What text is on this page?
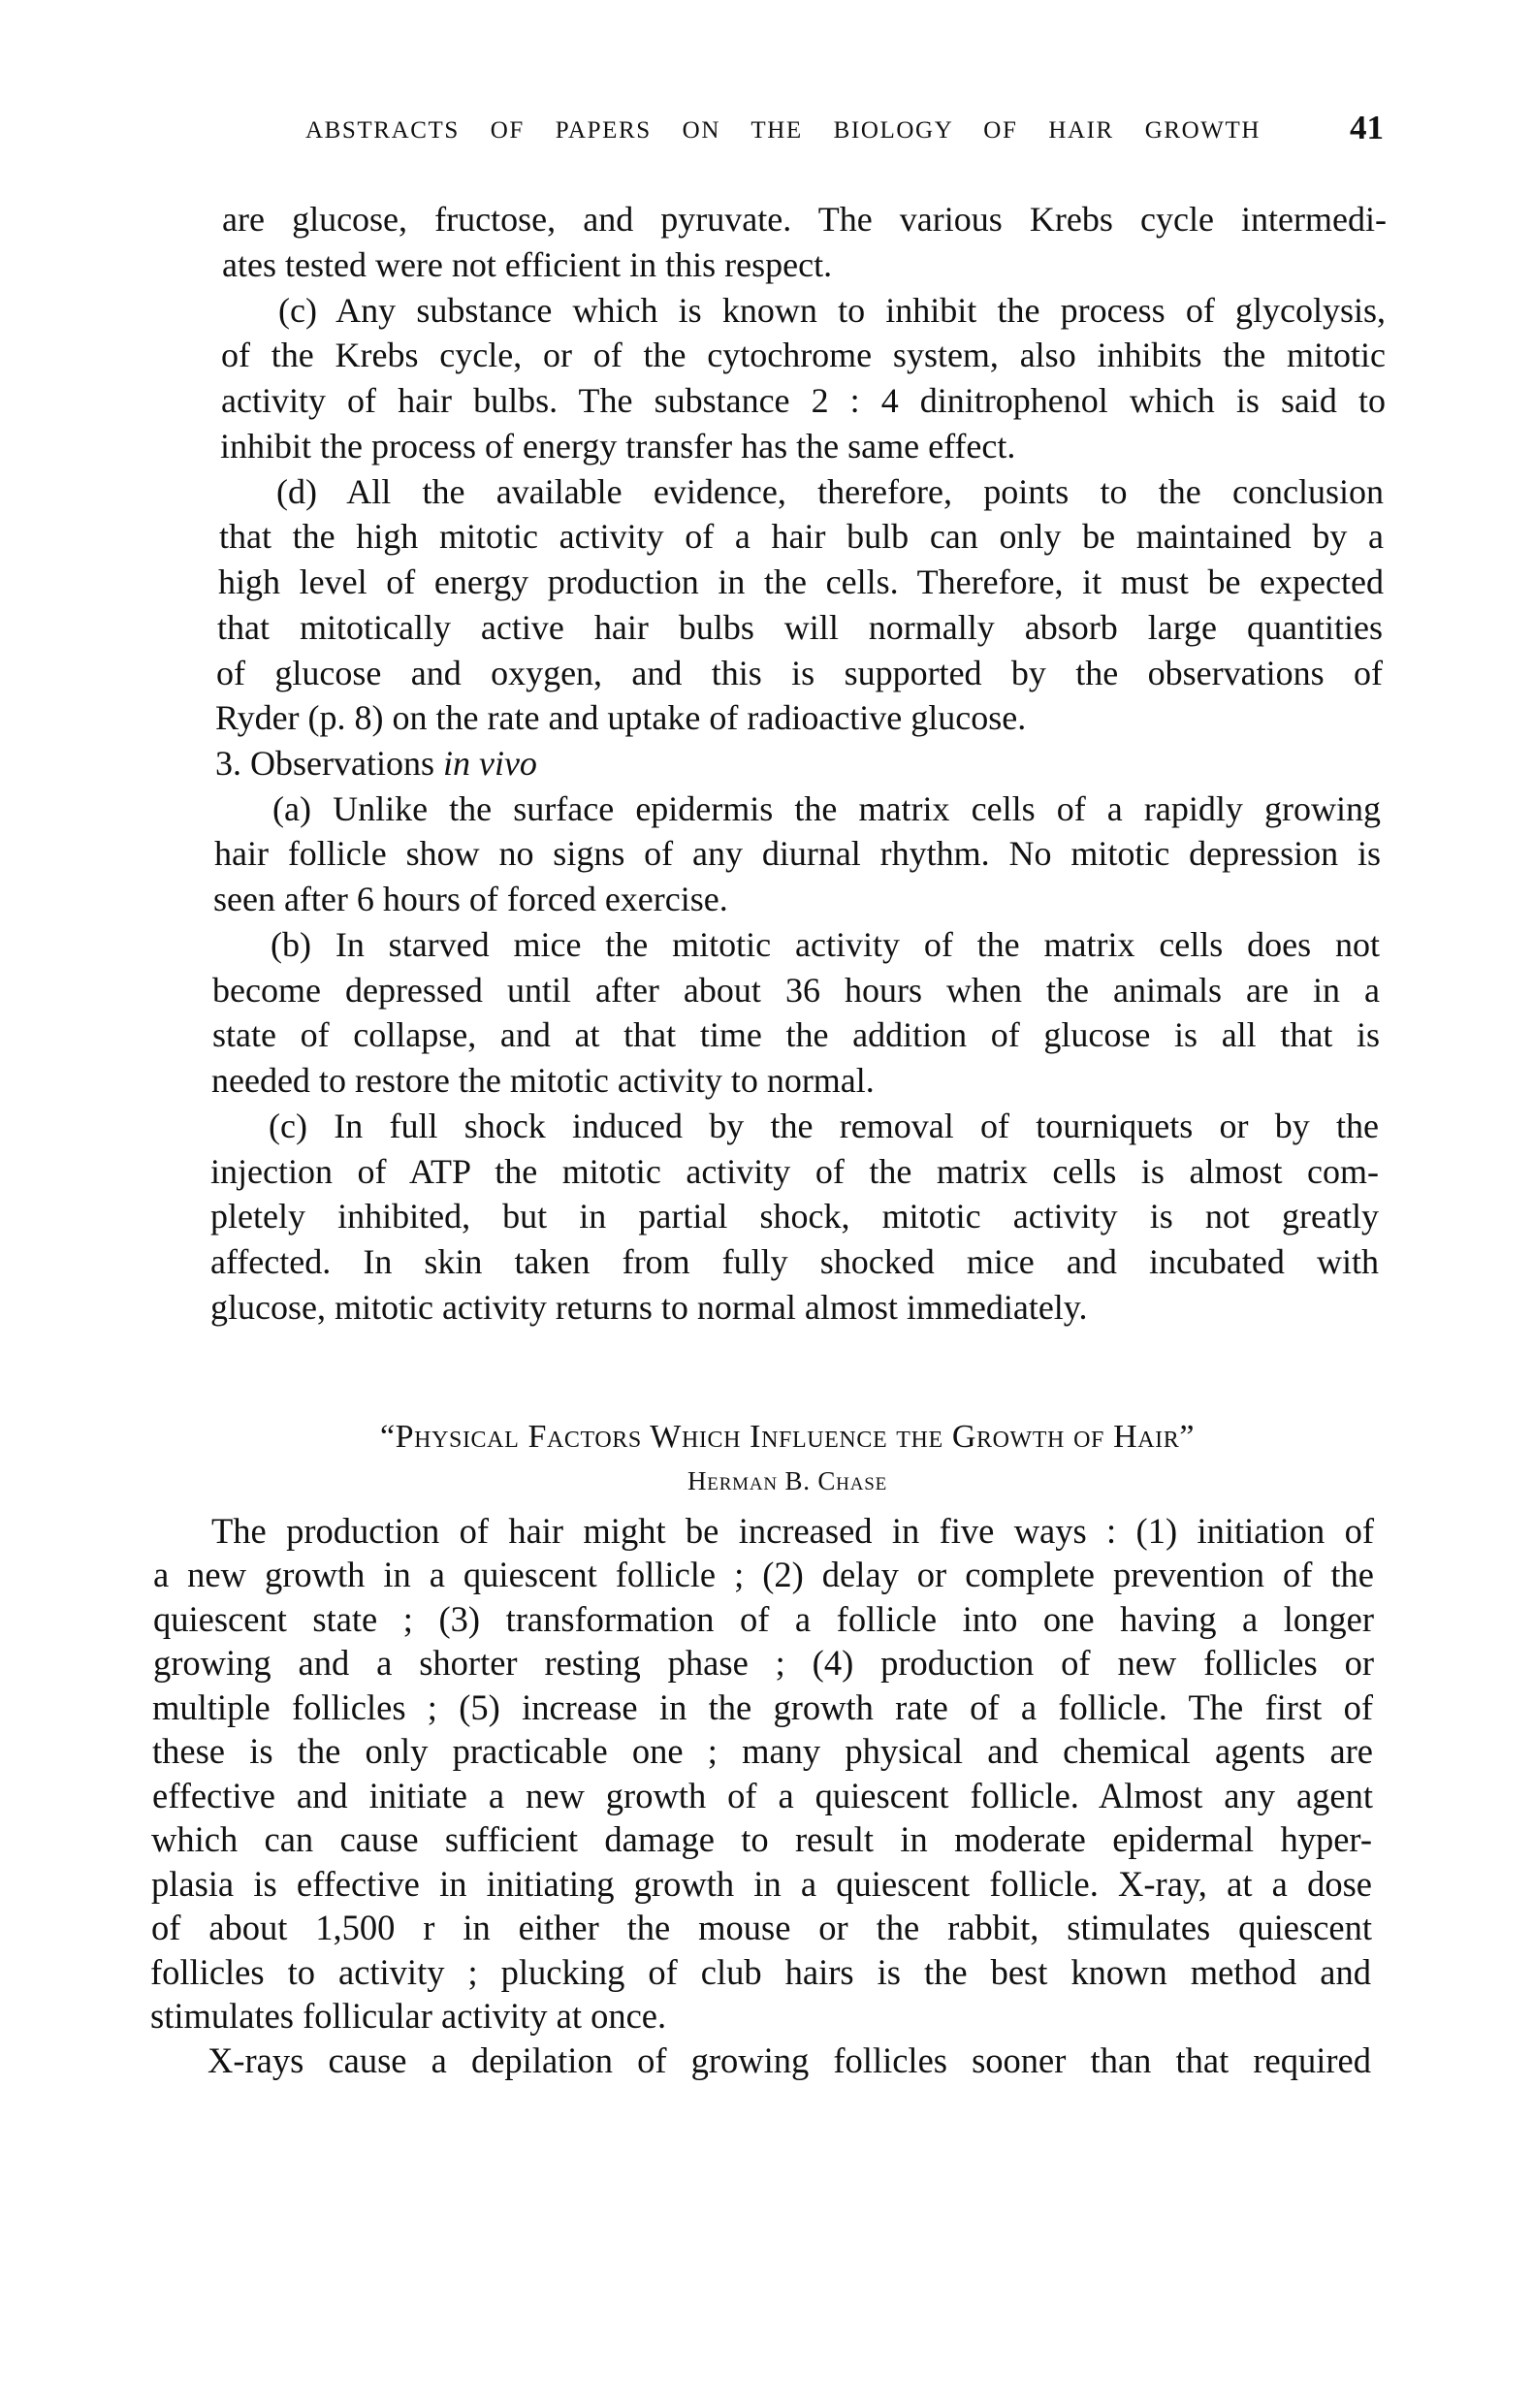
ABSTRACTS OF PAPERS ON THE BIOLOGY OF HAIR GROWTH	41
are glucose, fructose, and pyruvate. The various Krebs cycle intermedi-
ates tested were not efficient in this respect.
(c) Any substance which is known to inhibit the process of glycolysis,
of the Krebs cycle, or of the cytochrome system, also inhibits the mitotic
activity of hair bulbs. The substance 2 : 4 dinitrophenol which is said to
inhibit the process of energy transfer has the same effect.
(d) All the available evidence, therefore, points to the conclusion
that the high mitotic activity of a hair bulb can only be maintained by a
high level of energy production in the cells. Therefore, it must be expected
that mitotically active hair bulbs will normally absorb large quantities
of glucose and oxygen, and this is supported by the observations of
Ryder (p. 8) on the rate and uptake of radioactive glucose.
3. Observations in vivo
(a) Unlike the surface epidermis the matrix cells of a rapidly growing
hair follicle show no signs of any diurnal rhythm. No mitotic depression is
seen after 6 hours of forced exercise.
(b) In starved mice the mitotic activity of the matrix cells does not
become depressed until after about 36 hours when the animals are in a
state of collapse, and at that time the addition of glucose is all that is
needed to restore the mitotic activity to normal.
(c) In full shock induced by the removal of tourniquets or by the
injection of ATP the mitotic activity of the matrix cells is almost com-
pletely inhibited, but in partial shock, mitotic activity is not greatly
affected. In skin taken from fully shocked mice and incubated with
glucose, mitotic activity returns to normal almost immediately.
“Physical Factors Which Influence the Growth of Hair”
Herman B. Chase
The production of hair might be increased in five ways : (1) initiation of
a new growth in a quiescent follicle ; (2) delay or complete prevention of the
quiescent state ; (3) transformation of a follicle into one having a longer
growing and a shorter resting phase ; (4) production of new follicles or
multiple follicles ; (5) increase in the growth rate of a follicle. The first of
these is the only practicable one ; many physical and chemical agents are
effective and initiate a new growth of a quiescent follicle. Almost any agent
which can cause sufficient damage to result in moderate epidermal hyper-
plasia is effective in initiating growth in a quiescent follicle. X-ray, at a dose
of about 1,500 r in either the mouse or the rabbit, stimulates quiescent
follicles to activity ; plucking of club hairs is the best known method and
stimulates follicular activity at once.
X-rays cause a depilation of growing follicles sooner than that required
